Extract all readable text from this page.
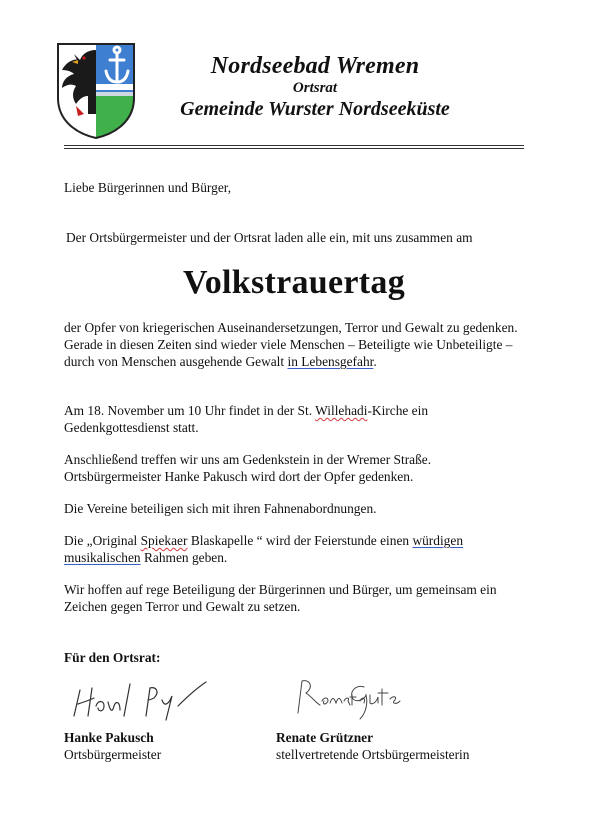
Nordseebad Wremen
Ortsrat
Gemeinde Wurster Nordseeküste

Liebe Bürgerinnen und Bürger,

Der Ortsbürgermeister und der Ortsrat laden alle ein, mit uns zusammen am

Volkstrauertag

der Opfer von kriegerischen Auseinandersetzungen, Terror und Gewalt zu gedenken. Gerade in diesen Zeiten sind wieder viele Menschen – Beteiligte wie Unbeteiligte – durch von Menschen ausgehende Gewalt in Lebensgefahr.

Am 18. November um 10 Uhr findet in der St. Willehadi-Kirche ein Gedenkgottesdienst statt.

Anschließend treffen wir uns am Gedenkstein in der Wremer Straße. Ortsbürgermeister Hanke Pakusch wird dort der Opfer gedenken.

Die Vereine beteiligen sich mit ihren Fahnenabordnungen.

Die „Original Spiekaer Blaskapelle “ wird der Feierstunde einen würdigen musikalischen Rahmen geben.

Wir hoffen auf rege Beteiligung der Bürgerinnen und Bürger, um gemeinsam ein Zeichen gegen Terror und Gewalt zu setzen.

Für den Ortsrat:

Hanke Pakusch

Ortsbürgermeister

Renate Grützner

stellvertretende Ortsbürgermeisterin
